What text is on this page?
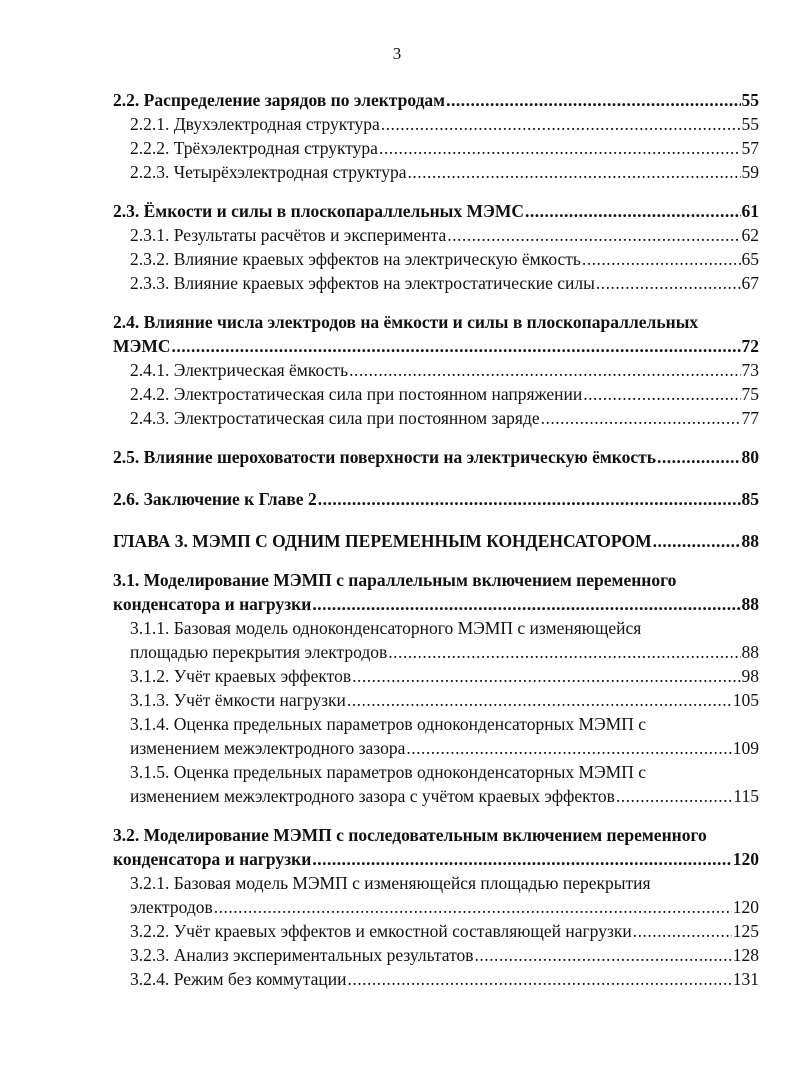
3
2.2. Распределение зарядов по электродам .....	55
2.2.1. Двухэлектродная структура .....	55
2.2.2. Трёхэлектродная структура .....	57
2.2.3. Четырёхэлектродная структура .....	59
2.3. Ёмкости и силы в плоскопараллельных МЭМС .....	61
2.3.1. Результаты расчётов и эксперимента .....	62
2.3.2. Влияние краевых эффектов на электрическую ёмкость .....	65
2.3.3. Влияние краевых эффектов на электростатические силы .....	67
2.4. Влияние числа электродов на ёмкости и силы в плоскопараллельных
МЭМС .....	72
2.4.1. Электрическая ёмкость .....	73
2.4.2. Электростатическая сила при постоянном напряжении .....	75
2.4.3. Электростатическая сила при постоянном заряде .....	77
2.5. Влияние шероховатости поверхности на электрическую ёмкость .....	80
2.6. Заключение к Главе 2 .....	85
ГЛАВА 3. МЭМП С ОДНИМ ПЕРЕМЕННЫМ КОНДЕНСАТОРОМ .....	88
3.1. Моделирование МЭМП с параллельным включением переменного
конденсатора и нагрузки .....	88
3.1.1. Базовая модель одноконденсаторного МЭМП с изменяющейся
площадью перекрытия электродов .....	88
3.1.2. Учёт краевых эффектов .....	98
3.1.3. Учёт ёмкости нагрузки .....	105
3.1.4. Оценка предельных параметров одноконденсаторных МЭМП с
изменением межэлектродного зазора .....	109
3.1.5. Оценка предельных параметров одноконденсаторных МЭМП с
изменением межэлектродного зазора с учётом краевых эффектов .....	115
3.2. Моделирование МЭМП с последовательным включением переменного
конденсатора и нагрузки .....	120
3.2.1. Базовая модель МЭМП с изменяющейся площадью перекрытия
электродов .....	120
3.2.2. Учёт краевых эффектов и емкостной составляющей нагрузки .....	125
3.2.3. Анализ экспериментальных результатов .....	128
3.2.4. Режим без коммутации .....	131
